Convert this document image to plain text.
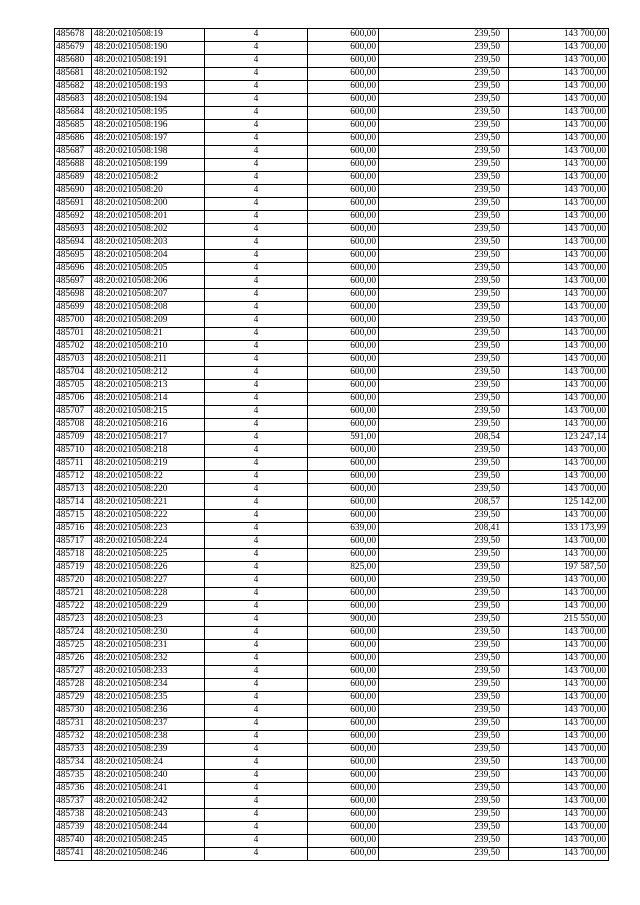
485678	48:20:0210508:19	4	600,00	239,50	143 700,00
485679	48:20:0210508:190	4	600,00	239,50	143 700,00
485680	48:20:0210508:191	4	600,00	239,50	143 700,00
485681	48:20:0210508:192	4	600,00	239,50	143 700,00
485682	48:20:0210508:193	4	600,00	239,50	143 700,00
485683	48:20:0210508:194	4	600,00	239,50	143 700,00
485684	48:20:0210508:195	4	600,00	239,50	143 700,00
485685	48:20:0210508:196	4	600,00	239,50	143 700,00
485686	48:20:0210508:197	4	600,00	239,50	143 700,00
485687	48:20:0210508:198	4	600,00	239,50	143 700,00
485688	48:20:0210508:199	4	600,00	239,50	143 700,00
485689	48:20:0210508:2	4	600,00	239,50	143 700,00
485690	48:20:0210508:20	4	600,00	239,50	143 700,00
485691	48:20:0210508:200	4	600,00	239,50	143 700,00
485692	48:20:0210508:201	4	600,00	239,50	143 700,00
485693	48:20:0210508:202	4	600,00	239,50	143 700,00
485694	48:20:0210508:203	4	600,00	239,50	143 700,00
485695	48:20:0210508:204	4	600,00	239,50	143 700,00
485696	48:20:0210508:205	4	600,00	239,50	143 700,00
485697	48:20:0210508:206	4	600,00	239,50	143 700,00
485698	48:20:0210508:207	4	600,00	239,50	143 700,00
485699	48:20:0210508:208	4	600,00	239,50	143 700,00
485700	48:20:0210508:209	4	600,00	239,50	143 700,00
485701	48:20:0210508:21	4	600,00	239,50	143 700,00
485702	48:20:0210508:210	4	600,00	239,50	143 700,00
485703	48:20:0210508:211	4	600,00	239,50	143 700,00
485704	48:20:0210508:212	4	600,00	239,50	143 700,00
485705	48:20:0210508:213	4	600,00	239,50	143 700,00
485706	48:20:0210508:214	4	600,00	239,50	143 700,00
485707	48:20:0210508:215	4	600,00	239,50	143 700,00
485708	48:20:0210508:216	4	600,00	239,50	143 700,00
485709	48:20:0210508:217	4	591,00	208,54	123 247,14
485710	48:20:0210508:218	4	600,00	239,50	143 700,00
485711	48:20:0210508:219	4	600,00	239,50	143 700,00
485712	48:20:0210508:22	4	600,00	239,50	143 700,00
485713	48:20:0210508:220	4	600,00	239,50	143 700,00
485714	48:20:0210508:221	4	600,00	208,57	125 142,00
485715	48:20:0210508:222	4	600,00	239,50	143 700,00
485716	48:20:0210508:223	4	639,00	208,41	133 173,99
485717	48:20:0210508:224	4	600,00	239,50	143 700,00
485718	48:20:0210508:225	4	600,00	239,50	143 700,00
485719	48:20:0210508:226	4	825,00	239,50	197 587,50
485720	48:20:0210508:227	4	600,00	239,50	143 700,00
485721	48:20:0210508:228	4	600,00	239,50	143 700,00
485722	48:20:0210508:229	4	600,00	239,50	143 700,00
485723	48:20:0210508:23	4	900,00	239,50	215 550,00
485724	48:20:0210508:230	4	600,00	239,50	143 700,00
485725	48:20:0210508:231	4	600,00	239,50	143 700,00
485726	48:20:0210508:232	4	600,00	239,50	143 700,00
485727	48:20:0210508:233	4	600,00	239,50	143 700,00
485728	48:20:0210508:234	4	600,00	239,50	143 700,00
485729	48:20:0210508:235	4	600,00	239,50	143 700,00
485730	48:20:0210508:236	4	600,00	239,50	143 700,00
485731	48:20:0210508:237	4	600,00	239,50	143 700,00
485732	48:20:0210508:238	4	600,00	239,50	143 700,00
485733	48:20:0210508:239	4	600,00	239,50	143 700,00
485734	48:20:0210508:24	4	600,00	239,50	143 700,00
485735	48:20:0210508:240	4	600,00	239,50	143 700,00
485736	48:20:0210508:241	4	600,00	239,50	143 700,00
485737	48:20:0210508:242	4	600,00	239,50	143 700,00
485738	48:20:0210508:243	4	600,00	239,50	143 700,00
485739	48:20:0210508:244	4	600,00	239,50	143 700,00
485740	48:20:0210508:245	4	600,00	239,50	143 700,00
485741	48:20:0210508:246	4	600,00	239,50	143 700,00
